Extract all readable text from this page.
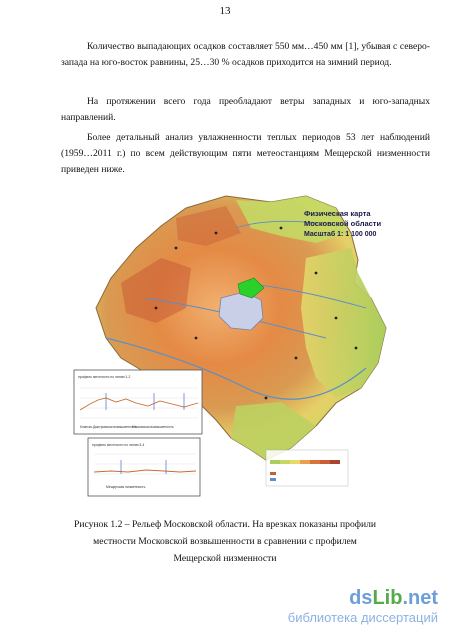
13

Количество выпадающих осадков составляет 550 мм…450 мм [1], убывая с северо-запада на юго-восток равнины, 25…30 % осадков приходится на зимний период.

На протяжении всего года преобладают ветры западных и юго-западных направлений.

Более детальный анализ увлажненности теплых периодов 53 лет наблюдений (1959…2011 г.) по всем действующим пяти метеостанциям Мещерской низменности приведен ниже.

Физическая карта
Московской области
Масштаб 1: 1 100 000
профиль местности по линии 1-2
Клинско-Дмитровская возвышенность
Московская возвышенность
профиль местности по линии 3-4
Мещерская низменность
Рисунок 1.2 – Рельеф Московской области. На врезках показаны профили
местности Московской возвышенности в сравнении с профилем
Мещерской низменности
dsLib.net
библиотека диссертаций
